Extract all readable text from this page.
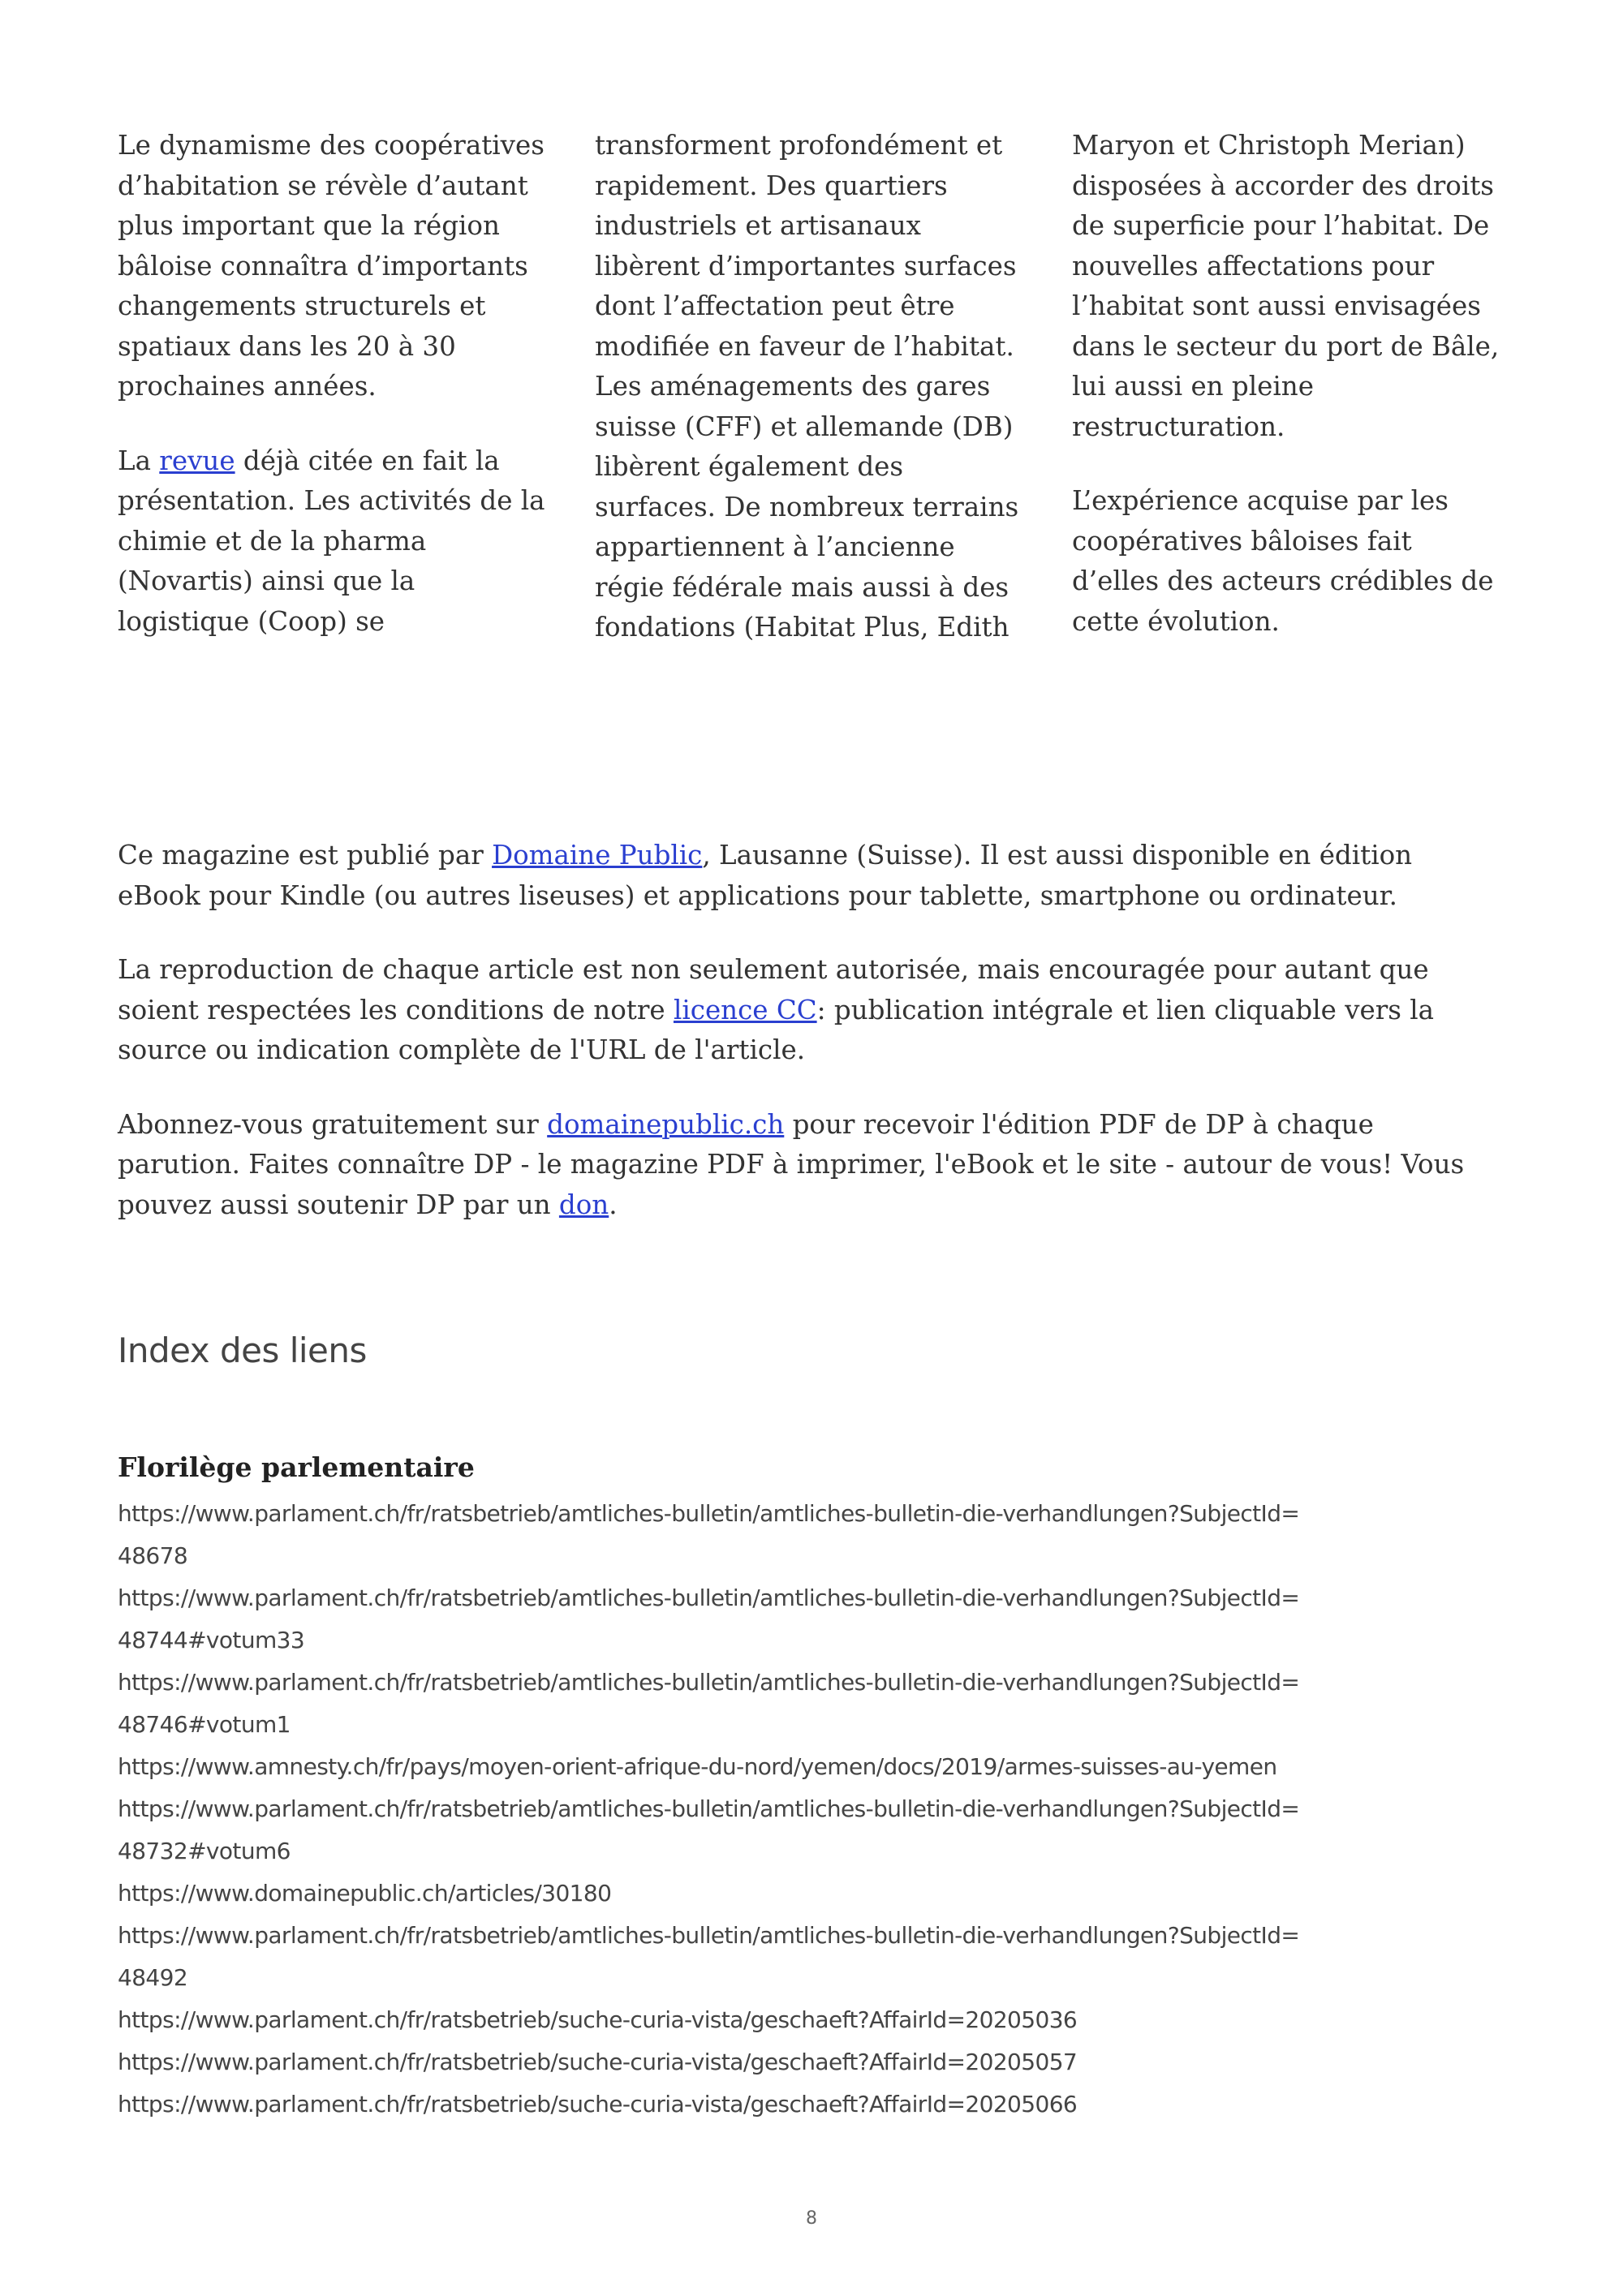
Le dynamisme des coopératives
d’habitation se révèle d’autant
plus important que la région
bâloise connaîtra d’importants
changements structurels et
spatiaux dans les 20 à 30
prochaines années.

La revue déjà citée en fait la
présentation. Les activités de la
chimie et de la pharma
(Novartis) ainsi que la
logistique (Coop) se

transforment profondément et
rapidement. Des quartiers
industriels et artisanaux
libèrent d’importantes surfaces
dont l’affectation peut être
modifiée en faveur de l’habitat.
Les aménagements des gares
suisse (CFF) et allemande (DB)
libèrent également des
surfaces. De nombreux terrains
appartiennent à l’ancienne
régie fédérale mais aussi à des
fondations (Habitat Plus, Edith

Maryon et Christoph Merian)
disposées à accorder des droits
de superficie pour l’habitat. De
nouvelles affectations pour
l’habitat sont aussi envisagées
dans le secteur du port de Bâle,
lui aussi en pleine
restructuration.

L’expérience acquise par les
coopératives bâloises fait
d’elles des acteurs crédibles de
cette évolution.

Ce magazine est publié par Domaine Public, Lausanne (Suisse). Il est aussi disponible en édition
eBook pour Kindle (ou autres liseuses) et applications pour tablette, smartphone ou ordinateur.

La reproduction de chaque article est non seulement autorisée, mais encouragée pour autant que
soient respectées les conditions de notre licence CC: publication intégrale et lien cliquable vers la
source ou indication complète de l'URL de l'article.

Abonnez-vous gratuitement sur domainepublic.ch pour recevoir l'édition PDF de DP à chaque
parution. Faites connaître DP - le magazine PDF à imprimer, l'eBook et le site - autour de vous! Vous
pouvez aussi soutenir DP par un don.

Index des liens
Florilège parlementaire
https://www.parlament.ch/fr/ratsbetrieb/amtliches-bulletin/amtliches-bulletin-die-verhandlungen?SubjectId=
48678
https://www.parlament.ch/fr/ratsbetrieb/amtliches-bulletin/amtliches-bulletin-die-verhandlungen?SubjectId=
48744#votum33
https://www.parlament.ch/fr/ratsbetrieb/amtliches-bulletin/amtliches-bulletin-die-verhandlungen?SubjectId=
48746#votum1
https://www.amnesty.ch/fr/pays/moyen-orient-afrique-du-nord/yemen/docs/2019/armes-suisses-au-yemen
https://www.parlament.ch/fr/ratsbetrieb/amtliches-bulletin/amtliches-bulletin-die-verhandlungen?SubjectId=
48732#votum6
https://www.domainepublic.ch/articles/30180
https://www.parlament.ch/fr/ratsbetrieb/amtliches-bulletin/amtliches-bulletin-die-verhandlungen?SubjectId=
48492
https://www.parlament.ch/fr/ratsbetrieb/suche-curia-vista/geschaeft?AffairId=20205036
https://www.parlament.ch/fr/ratsbetrieb/suche-curia-vista/geschaeft?AffairId=20205057
https://www.parlament.ch/fr/ratsbetrieb/suche-curia-vista/geschaeft?AffairId=20205066
8
